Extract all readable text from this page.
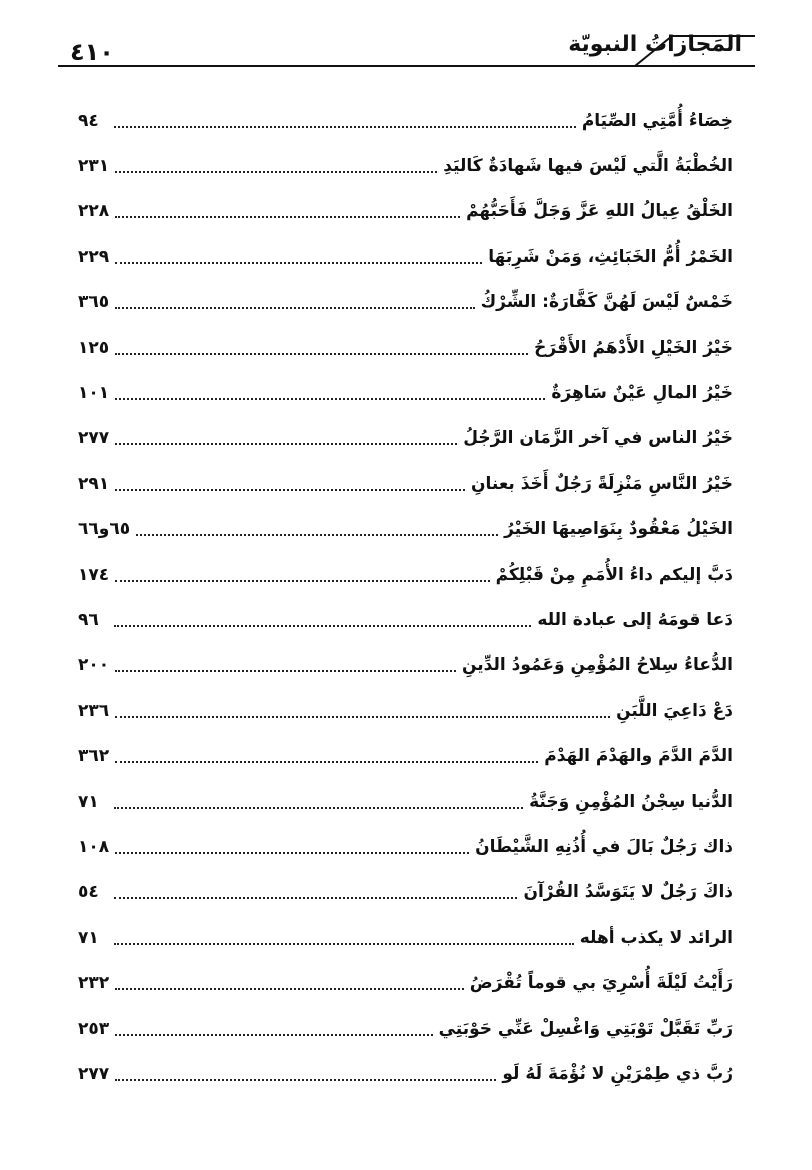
المَجازاتُ النبويّة
٤١٠
خِصَاءُ أُمَّتِي الصِّيَامُ
٩٤
الخُطْبَةُ الَّتي لَيْسَ فيها شَهادَةٌ كَاليَدِ
٢٣١
الخَلْقُ عِيالُ اللهِ عَزَّ وَجَلَّ فَأَحَبُّهُمْ
٢٢٨
الخَمْرُ أُمُّ الخَبَائِثِ، وَمَنْ شَرِبَهَا
٢٢٩
خَمْسٌ لَيْسَ لَهُنَّ كَفَّارَةٌ: الشِّرْكُ
٣٦٥
خَيْرُ الخَيْلِ الأَدْهَمُ الأَقْرَحُ
١٢٥
خَيْرُ المالِ عَيْنٌ سَاهِرَةٌ
١٠١
خَيْرُ الناس في آخر الزَّمَان الرَّجُلُ
٢٧٧
خَيْرُ النَّاسِ مَنْزِلَةً رَجُلٌ أَخَذَ بعنانِ
٢٩١
الخَيْلُ مَعْقُودٌ بِنَوَاصِيهَا الخَيْرُ
٦٥و٦٦
دَبَّ إليكم داءُ الأُمَمِ مِنْ قَبْلِكُمْ
١٧٤
دَعا قومَهُ إلى عبادة الله
٩٦
الدُّعاءُ سِلاحُ المُؤْمِنِ وَعَمُودُ الدِّينِ
٢٠٠
دَعْ دَاعِيَ اللَّبَنِ
٢٣٦
الدَّمَ الدَّمَ والهَدْمَ الهَدْمَ
٣٦٢
الدُّنيا سِجْنُ المُؤْمِنِ وَجَنَّةُ
٧١
ذاك رَجُلٌ بَالَ في أُذُنِهِ الشَّيْطَانُ
١٠٨
ذاكَ رَجُلٌ لا يَتَوَسَّدُ القُرْآنَ
٥٤
الرائد لا يكذب أهله
٧١
رَأَيْتُ لَيْلَةَ أُسْرِيَ بي قوماً تُقْرَضُ
٢٣٢
رَبِّ تَقَبَّلْ تَوْبَتِي وَاغْسِلْ عَنِّي حَوْبَتِي
٢٥٣
رُبَّ ذي طِمْرَيْنِ لا نُؤْمَةَ لَهُ لَو
٢٧٧
